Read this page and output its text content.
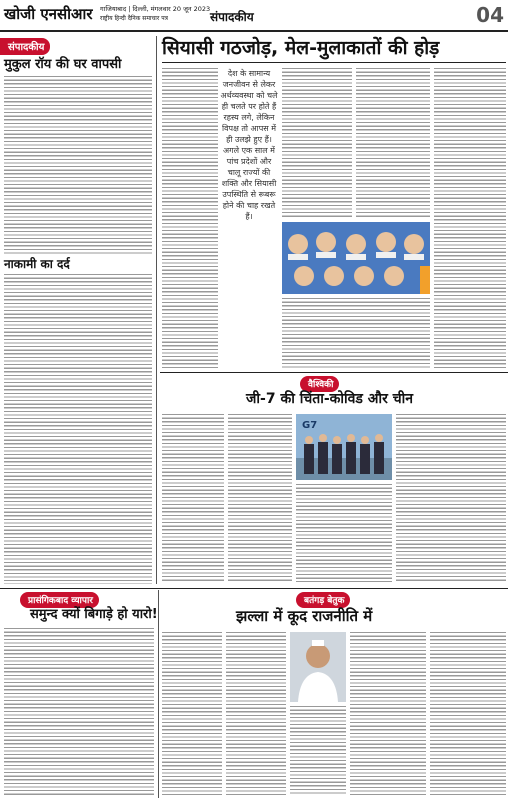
खोजी एनसीआर गाजियाबाद | दिल्ली, मंगलवार 20 जून 2023
राष्ट्रीय हिन्दी दैनिक समाचार पत्र	संपादकीय	04
संपादकीय
मुकुल रॉय की घर वापसी
नाकामी का दर्द
सियासी गठजोड़, मेल-मुलाकातों की होड़
देश के सामान्य जनजीवन से लेकर अर्थव्यवस्था को चले ही चलते पर होते हैं रहस्य लगे, लेकिन विपक्ष तो आपस में ही उलझे हुए हैं। अगले एक साल में पांच प्रदेशों और चालू राज्यों की शक्ति और सियासी उपस्थिति से रूबरू होने की चाह रखते हैं।
वैश्विकी
जी-7 की चिंता-कोविड और चीन
G7
प्रासंगिकबाद व्यापार
समुन्द क्यों बिगाड़े हो यारो!
बतंगड़ बेतुक
झल्ला में कूद राजनीति में
